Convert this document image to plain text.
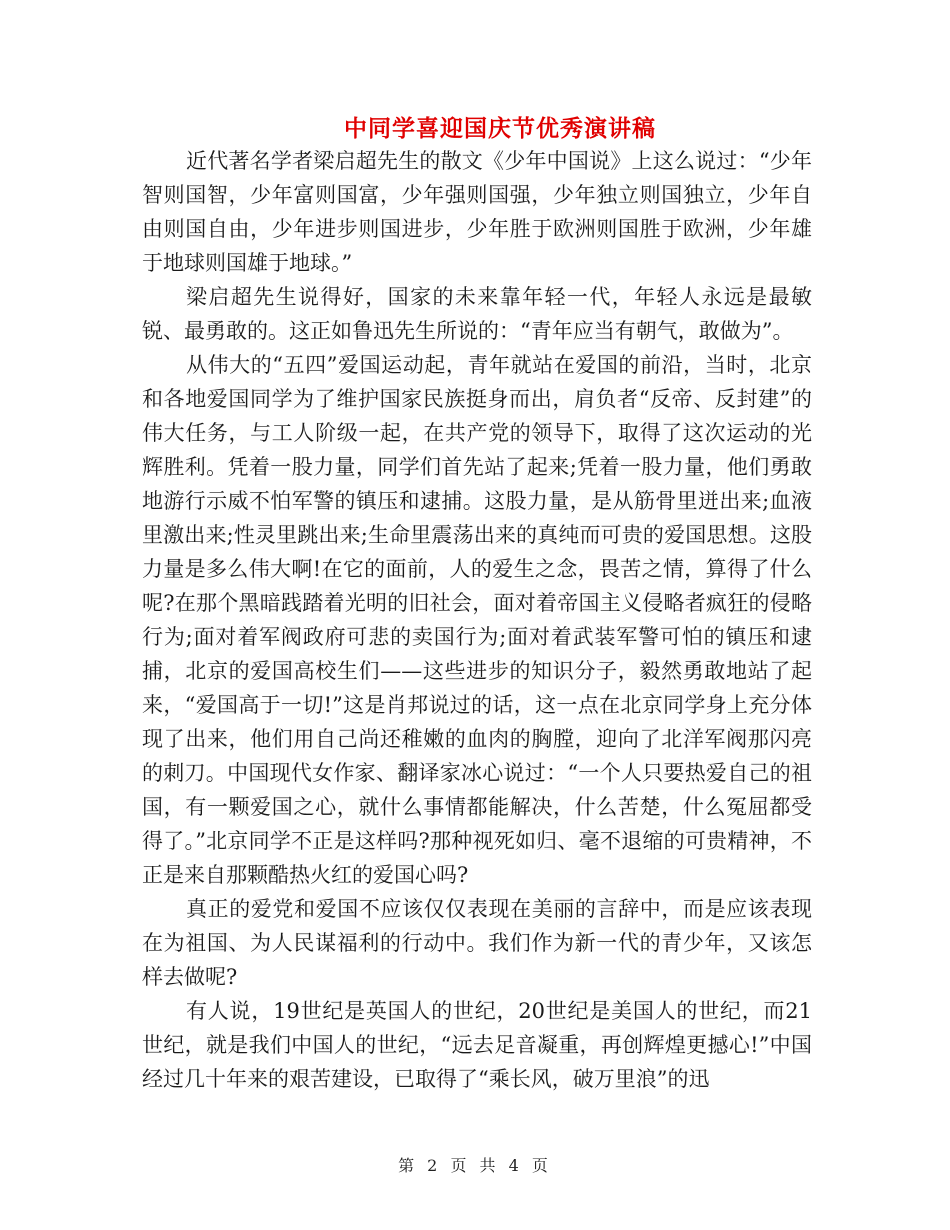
中同学喜迎国庆节优秀演讲稿

近代著名学者梁启超先生的散文《少年中国说》上这么说过：“少年智则国智，少年富则国富，少年强则国强，少年独立则国独立，少年自由则国自由，少年进步则国进步，少年胜于欧洲则国胜于欧洲，少年雄于地球则国雄于地球。”

梁启超先生说得好，国家的未来靠年轻一代，年轻人永远是最敏锐、最勇敢的。这正如鲁迅先生所说的：“青年应当有朝气，敢做为”。

从伟大的“五四”爱国运动起，青年就站在爱国的前沿，当时，北京和各地爱国同学为了维护国家民族挺身而出，肩负者“反帝、反封建”的伟大任务，与工人阶级一起，在共产党的领导下，取得了这次运动的光辉胜利。凭着一股力量，同学们首先站了起来;凭着一股力量，他们勇敢地游行示威不怕军警的镇压和逮捕。这股力量，是从筋骨里迸出来;血液里激出来;性灵里跳出来;生命里震荡出来的真纯而可贵的爱国思想。这股力量是多么伟大啊!在它的面前，人的爱生之念，畏苦之情，算得了什么呢?在那个黑暗践踏着光明的旧社会，面对着帝国主义侵略者疯狂的侵略行为;面对着军阀政府可悲的卖国行为;面对着武装军警可怕的镇压和逮捕，北京的爱国高校生们——这些进步的知识分子，毅然勇敢地站了起来，“爱国高于一切!”这是肖邦说过的话，这一点在北京同学身上充分体现了出来，他们用自己尚还稚嫩的血肉的胸膛，迎向了北洋军阀那闪亮的刺刀。中国现代女作家、翻译家冰心说过：“一个人只要热爱自己的祖国，有一颗爱国之心，就什么事情都能解决，什么苦楚，什么冤屈都受得了。”北京同学不正是这样吗?那种视死如归、毫不退缩的可贵精神，不正是来自那颗酷热火红的爱国心吗?

真正的爱党和爱国不应该仅仅表现在美丽的言辞中，而是应该表现在为祖国、为人民谋福利的行动中。我们作为新一代的青少年，又该怎样去做呢?

有人说，19世纪是英国人的世纪，20世纪是美国人的世纪，而21世纪，就是我们中国人的世纪，“远去足音凝重，再创辉煌更撼心!”中国经过几十年来的艰苦建设，已取得了“乘长风，破万里浪”的迅

第 2 页 共 4 页
